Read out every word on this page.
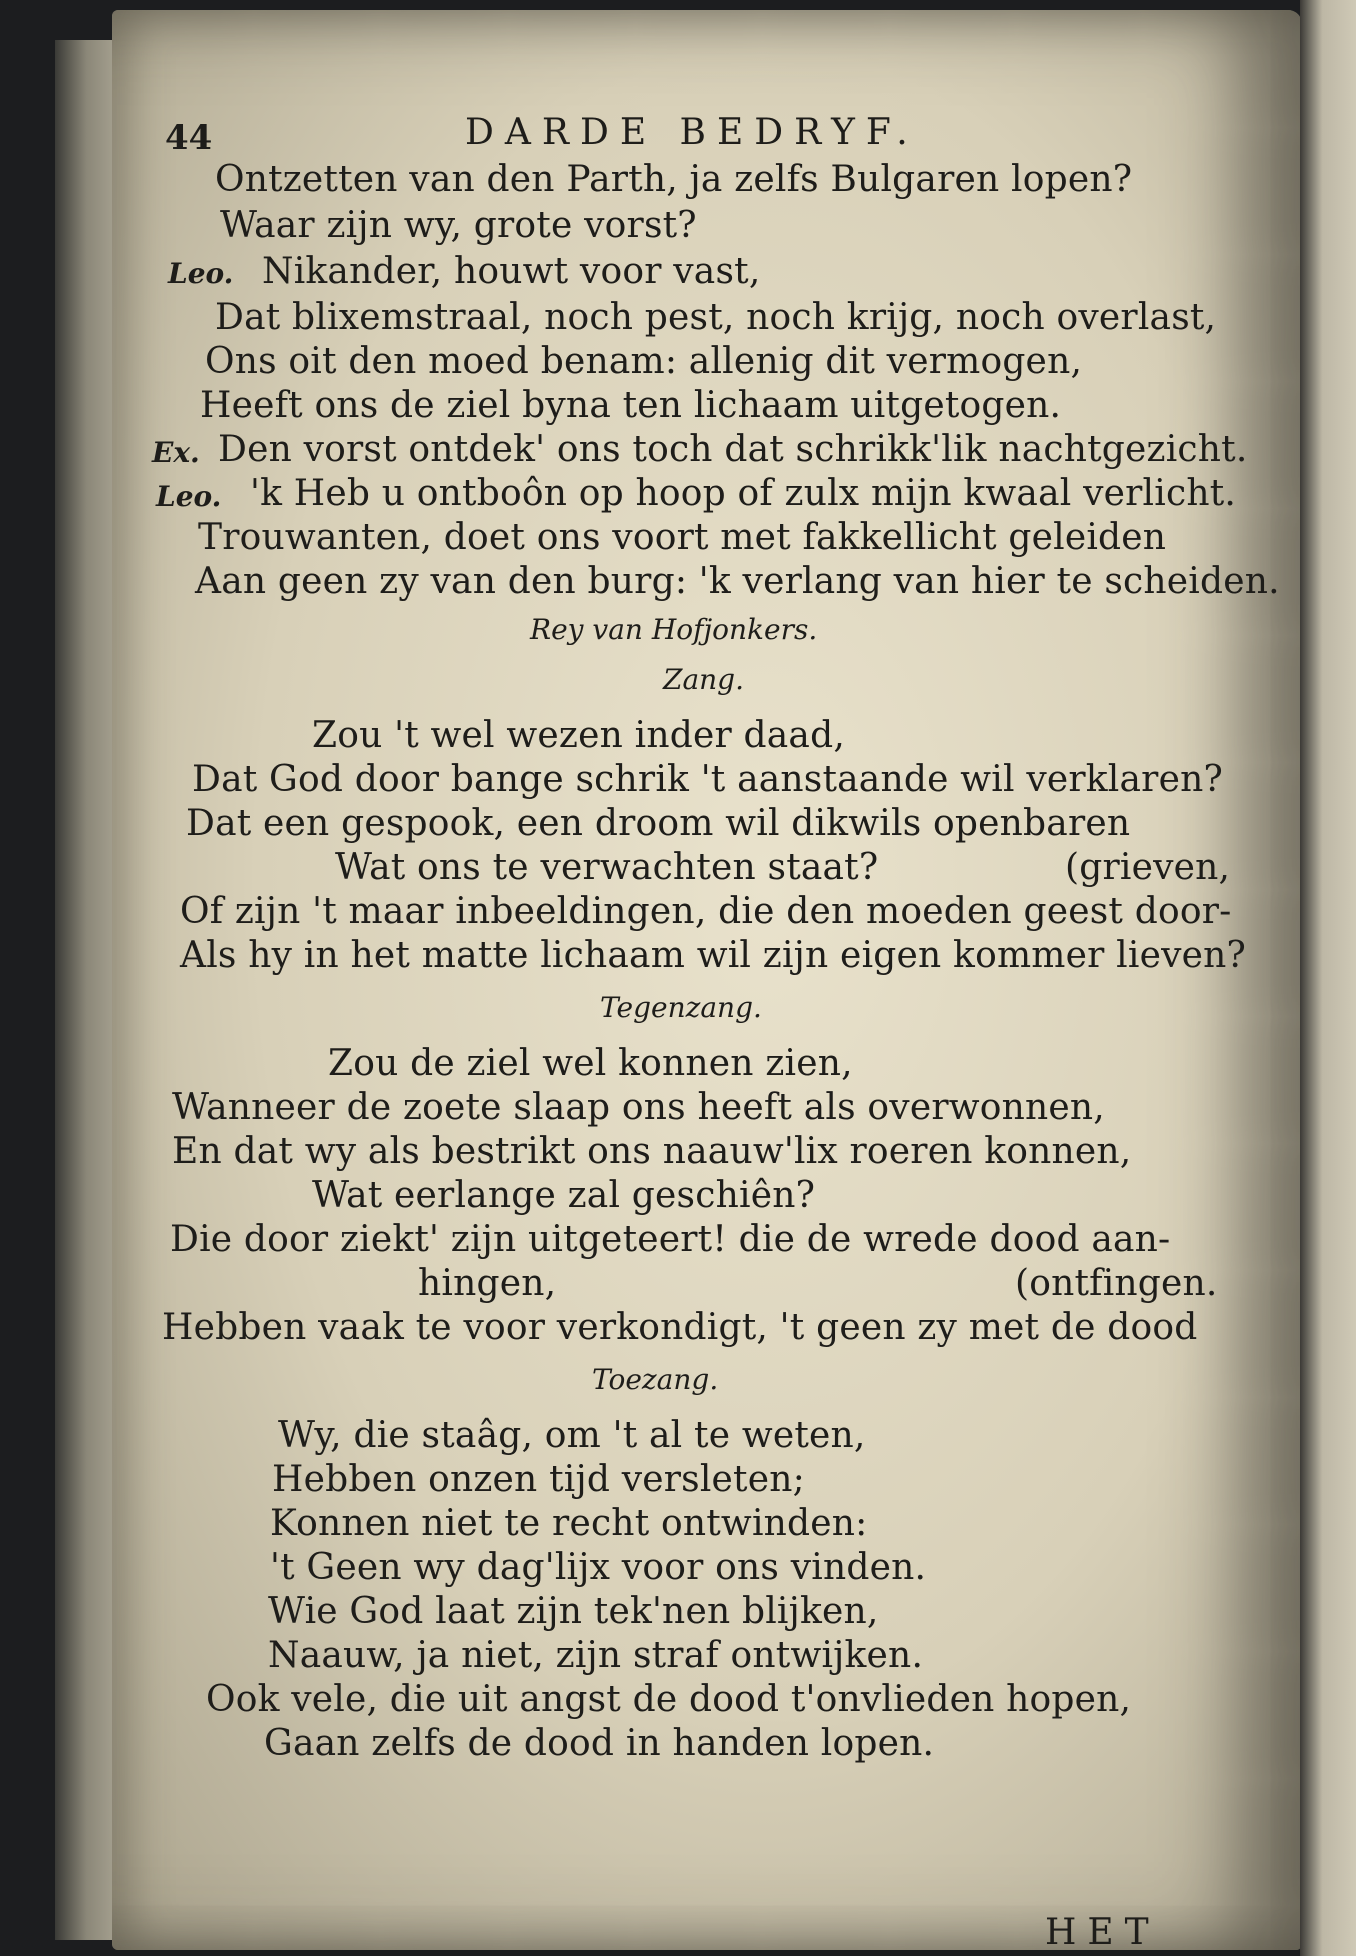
44	DARDE BEDRYF.
Ontzetten van den Parth, ja zelfs Bulgaren lopen?
Waar zijn wy, grote vorst?
Leo. Nikander, houwt voor vast,
Dat blixemstraal, noch pest, noch krijg, noch overlast,
Ons oit den moed benam: allenig dit vermogen,
Heeft ons de ziel byna ten lichaam uitgetogen.
Ex. Den vorst ontdek' ons toch dat schrikk'lik nachtgezicht.
Leo. 'k Heb u ontboôn op hoop of zulx mijn kwaal verlicht.
Trouwanten, doet ons voort met fakkellicht geleiden
Aan geen zy van den burg: 'k verlang van hier te scheiden.
Rey van Hofjonkers.
Zang.
Zou 't wel wezen inder daad,
Dat God door bange schrik 't aanstaande wil verklaren?
Dat een gespook, een droom wil dikwils openbaren
Wat ons te verwachten staat?	(grieven,
Of zijn 't maar inbeeldingen, die den moeden geest door-
Als hy in het matte lichaam wil zijn eigen kommer lieven?
Tegenzang.
Zou de ziel wel konnen zien,
Wanneer de zoete slaap ons heeft als overwonnen,
En dat wy als bestrikt ons naauw'lix roeren konnen,
Wat eerlange zal geschiên?
Die door ziekt' zijn uitgeteert! die de wrede dood aan-
hingen,	(ontfingen.
Hebben vaak te voor verkondigt, 't geen zy met de dood
Toezang.
Wy, die staâg, om 't al te weten,
Hebben onzen tijd versleten;
Konnen niet te recht ontwinden:
't Geen wy dag'lijx voor ons vinden.
Wie God laat zijn tek'nen blijken,
Naauw, ja niet, zijn straf ontwijken.
Ook vele, die uit angst de dood t'onvlieden hopen,
Gaan zelfs de dood in handen lopen.
HET
